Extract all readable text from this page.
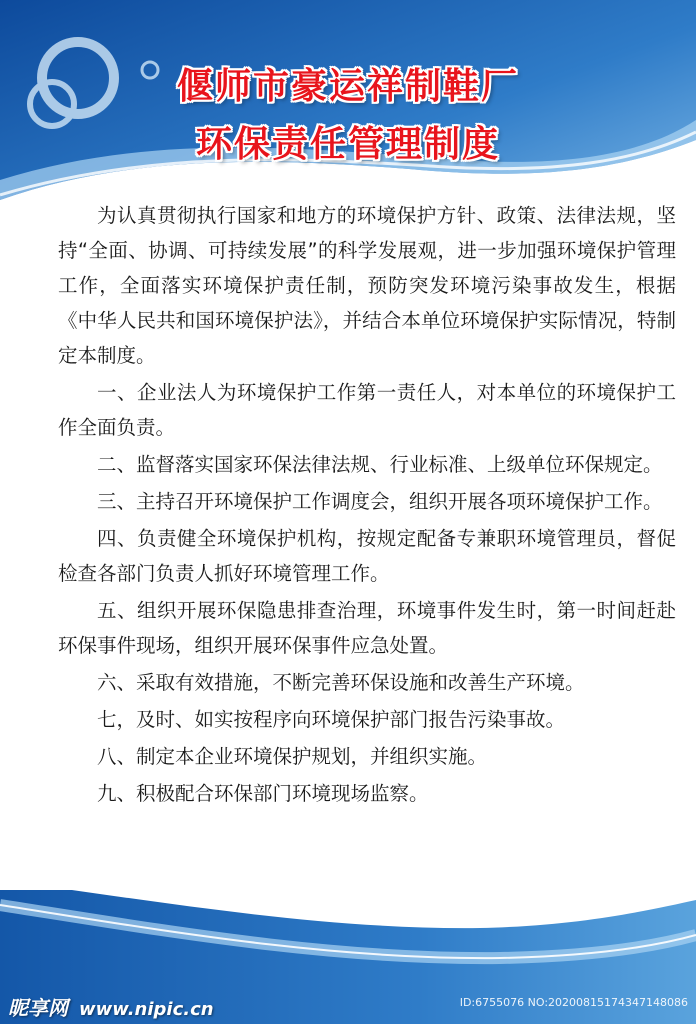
偃师市豪运祥制鞋厂
环保责任管理制度

为认真贯彻执行国家和地方的环境保护方针、政策、法律法规，坚持“全面、协调、可持续发展”的科学发展观，进一步加强环境保护管理工作，全面落实环境保护责任制，预防突发环境污染事故发生，根据《中华人民共和国环境保护法》，并结合本单位环境保护实际情况，特制定本制度。

一、企业法人为环境保护工作第一责任人，对本单位的环境保护工作全面负责。

二、监督落实国家环保法律法规、行业标准、上级单位环保规定。

三、主持召开环境保护工作调度会，组织开展各项环境保护工作。

四、负责健全环境保护机构，按规定配备专兼职环境管理员，督促检查各部门负责人抓好环境管理工作。

五、组织开展环保隐患排查治理，环境事件发生时，第一时间赶赴环保事件现场，组织开展环保事件应急处置。

六、采取有效措施，不断完善环保设施和改善生产环境。

七，及时、如实按程序向环境保护部门报告污染事故。

八、制定本企业环境保护规划，并组织实施。

九、积极配合环保部门环境现场监察。

昵享网 www.nipic.cn	ID:6755076 NO:20200815174347148086
